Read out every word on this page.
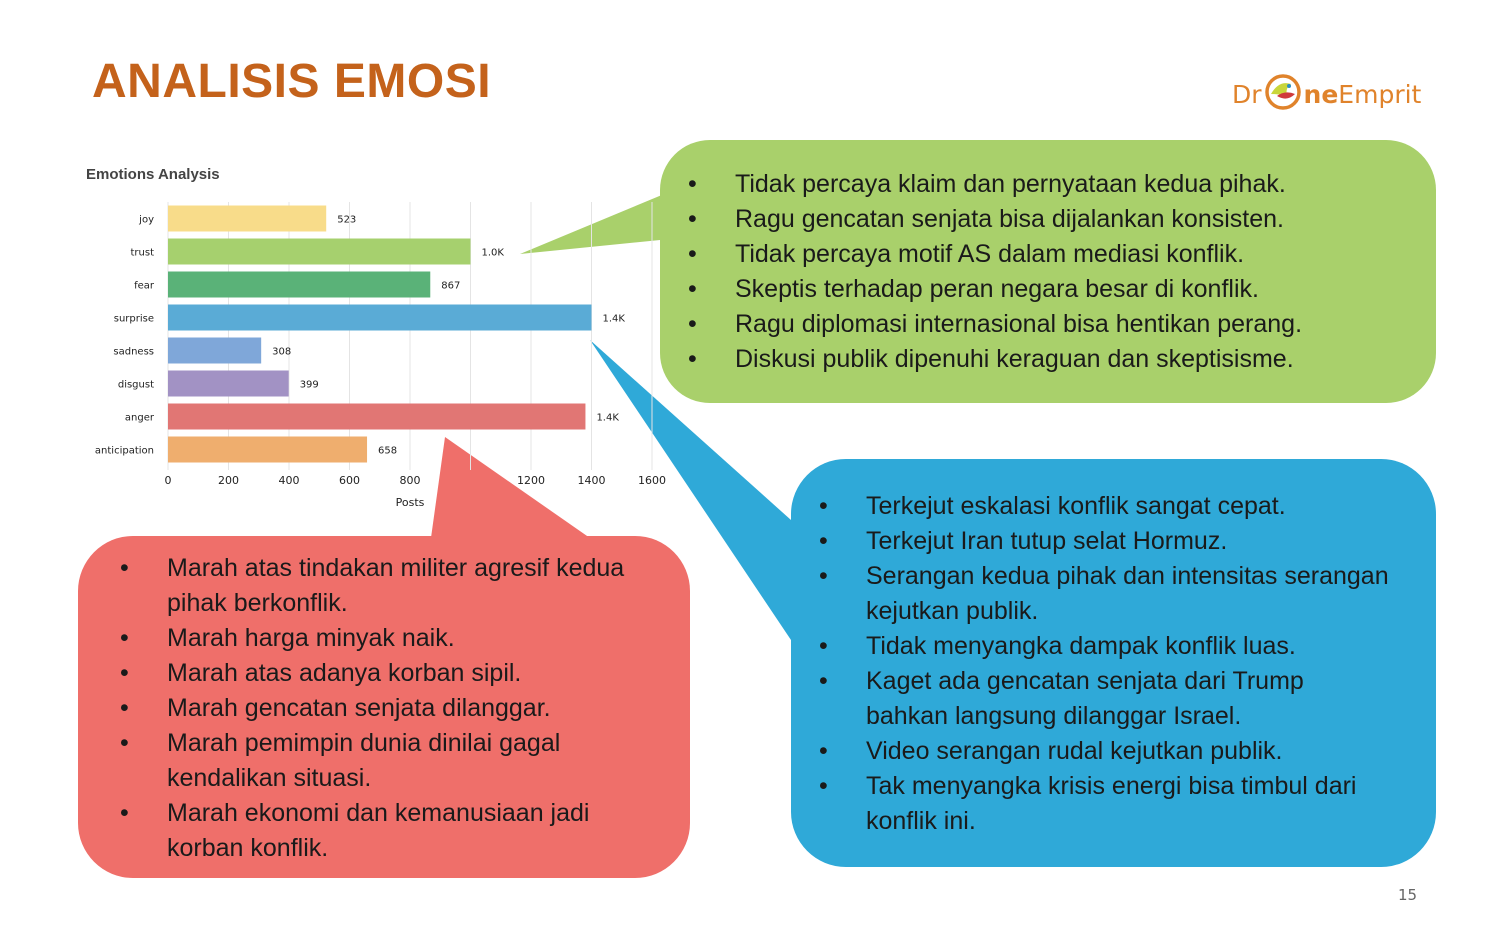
ANALISIS EMOSI	Dr neEmprit
Emotions Analysis
0	200	400	600	800	1200	1400	1600
Posts
joy	523
trust	1.0K
fear	867
surprise	1.4K
sadness	308
disgust	399
anger	1.4K
anticipation	658
• Tidak percaya klaim dan pernyataan kedua pihak.
• Ragu gencatan senjata bisa dijalankan konsisten.
• Tidak percaya motif AS dalam mediasi konflik.
• Skeptis terhadap peran negara besar di konflik.
• Ragu diplomasi internasional bisa hentikan perang.
• Diskusi publik dipenuhi keraguan dan skeptisisme.
• Terkejut eskalasi konflik sangat cepat.
• Terkejut Iran tutup selat Hormuz.
• Serangan kedua pihak dan intensitas serangan kejutkan publik.
• Tidak menyangka dampak konflik luas.
• Kaget ada gencatan senjata dari Trump bahkan langsung dilanggar Israel.
• Video serangan rudal kejutkan publik.
• Tak menyangka krisis energi bisa timbul dari konflik ini.
• Marah atas tindakan militer agresif kedua pihak berkonflik.
• Marah harga minyak naik.
• Marah atas adanya korban sipil.
• Marah gencatan senjata dilanggar.
• Marah pemimpin dunia dinilai gagal kendalikan situasi.
• Marah ekonomi dan kemanusiaan jadi korban konflik.
15
